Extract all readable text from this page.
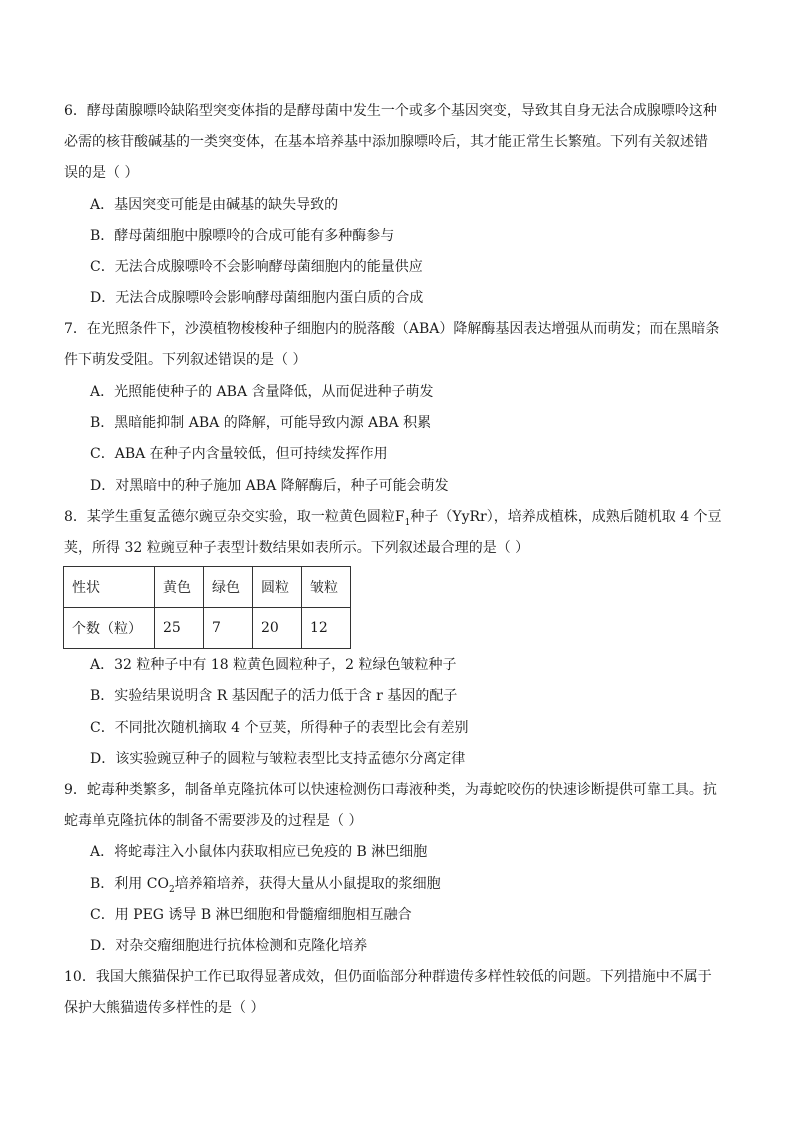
6．酵母菌腺嘌呤缺陷型突变体指的是酵母菌中发生一个或多个基因突变，导致其自身无法合成腺嘌呤这种
必需的核苷酸碱基的一类突变体，在基本培养基中添加腺嘌呤后，其才能正常生长繁殖。下列有关叙述错
误的是（ ）
A．基因突变可能是由碱基的缺失导致的
B．酵母菌细胞中腺嘌呤的合成可能有多种酶参与
C．无法合成腺嘌呤不会影响酵母菌细胞内的能量供应
D．无法合成腺嘌呤会影响酵母菌细胞内蛋白质的合成
7．在光照条件下，沙漠植物梭梭种子细胞内的脱落酸（ABA）降解酶基因表达增强从而萌发；而在黑暗条
件下萌发受阻。下列叙述错误的是（ ）
A．光照能使种子的 ABA 含量降低，从而促进种子萌发
B．黑暗能抑制 ABA 的降解，可能导致内源 ABA 积累
C．ABA 在种子内含量较低，但可持续发挥作用
D．对黑暗中的种子施加 ABA 降解酶后，种子可能会萌发
8．某学生重复孟德尔豌豆杂交实验，取一粒黄色圆粒$F_1$种子（YyRr），培养成植株，成熟后随机取 4 个豆
荚，所得 32 粒豌豆种子表型计数结果如表所示。下列叙述最合理的是（ ）
性状	黄色	绿色	圆粒	皱粒
个数（粒）	25	7	20	12
A．32 粒种子中有 18 粒黄色圆粒种子，2 粒绿色皱粒种子
B．实验结果说明含 R 基因配子的活力低于含 r 基因的配子
C．不同批次随机摘取 4 个豆荚，所得种子的表型比会有差别
D．该实验豌豆种子的圆粒与皱粒表型比支持孟德尔分离定律
9．蛇毒种类繁多，制备单克隆抗体可以快速检测伤口毒液种类，为毒蛇咬伤的快速诊断提供可靠工具。抗
蛇毒单克隆抗体的制备不需要涉及的过程是（ ）
A．将蛇毒注入小鼠体内获取相应已免疫的 B 淋巴细胞
B．利用 $CO_2$培养箱培养，获得大量从小鼠提取的浆细胞
C．用 PEG 诱导 B 淋巴细胞和骨髓瘤细胞相互融合
D．对杂交瘤细胞进行抗体检测和克隆化培养
10．我国大熊猫保护工作已取得显著成效，但仍面临部分种群遗传多样性较低的问题。下列措施中不属于
保护大熊猫遗传多样性的是（ ）
